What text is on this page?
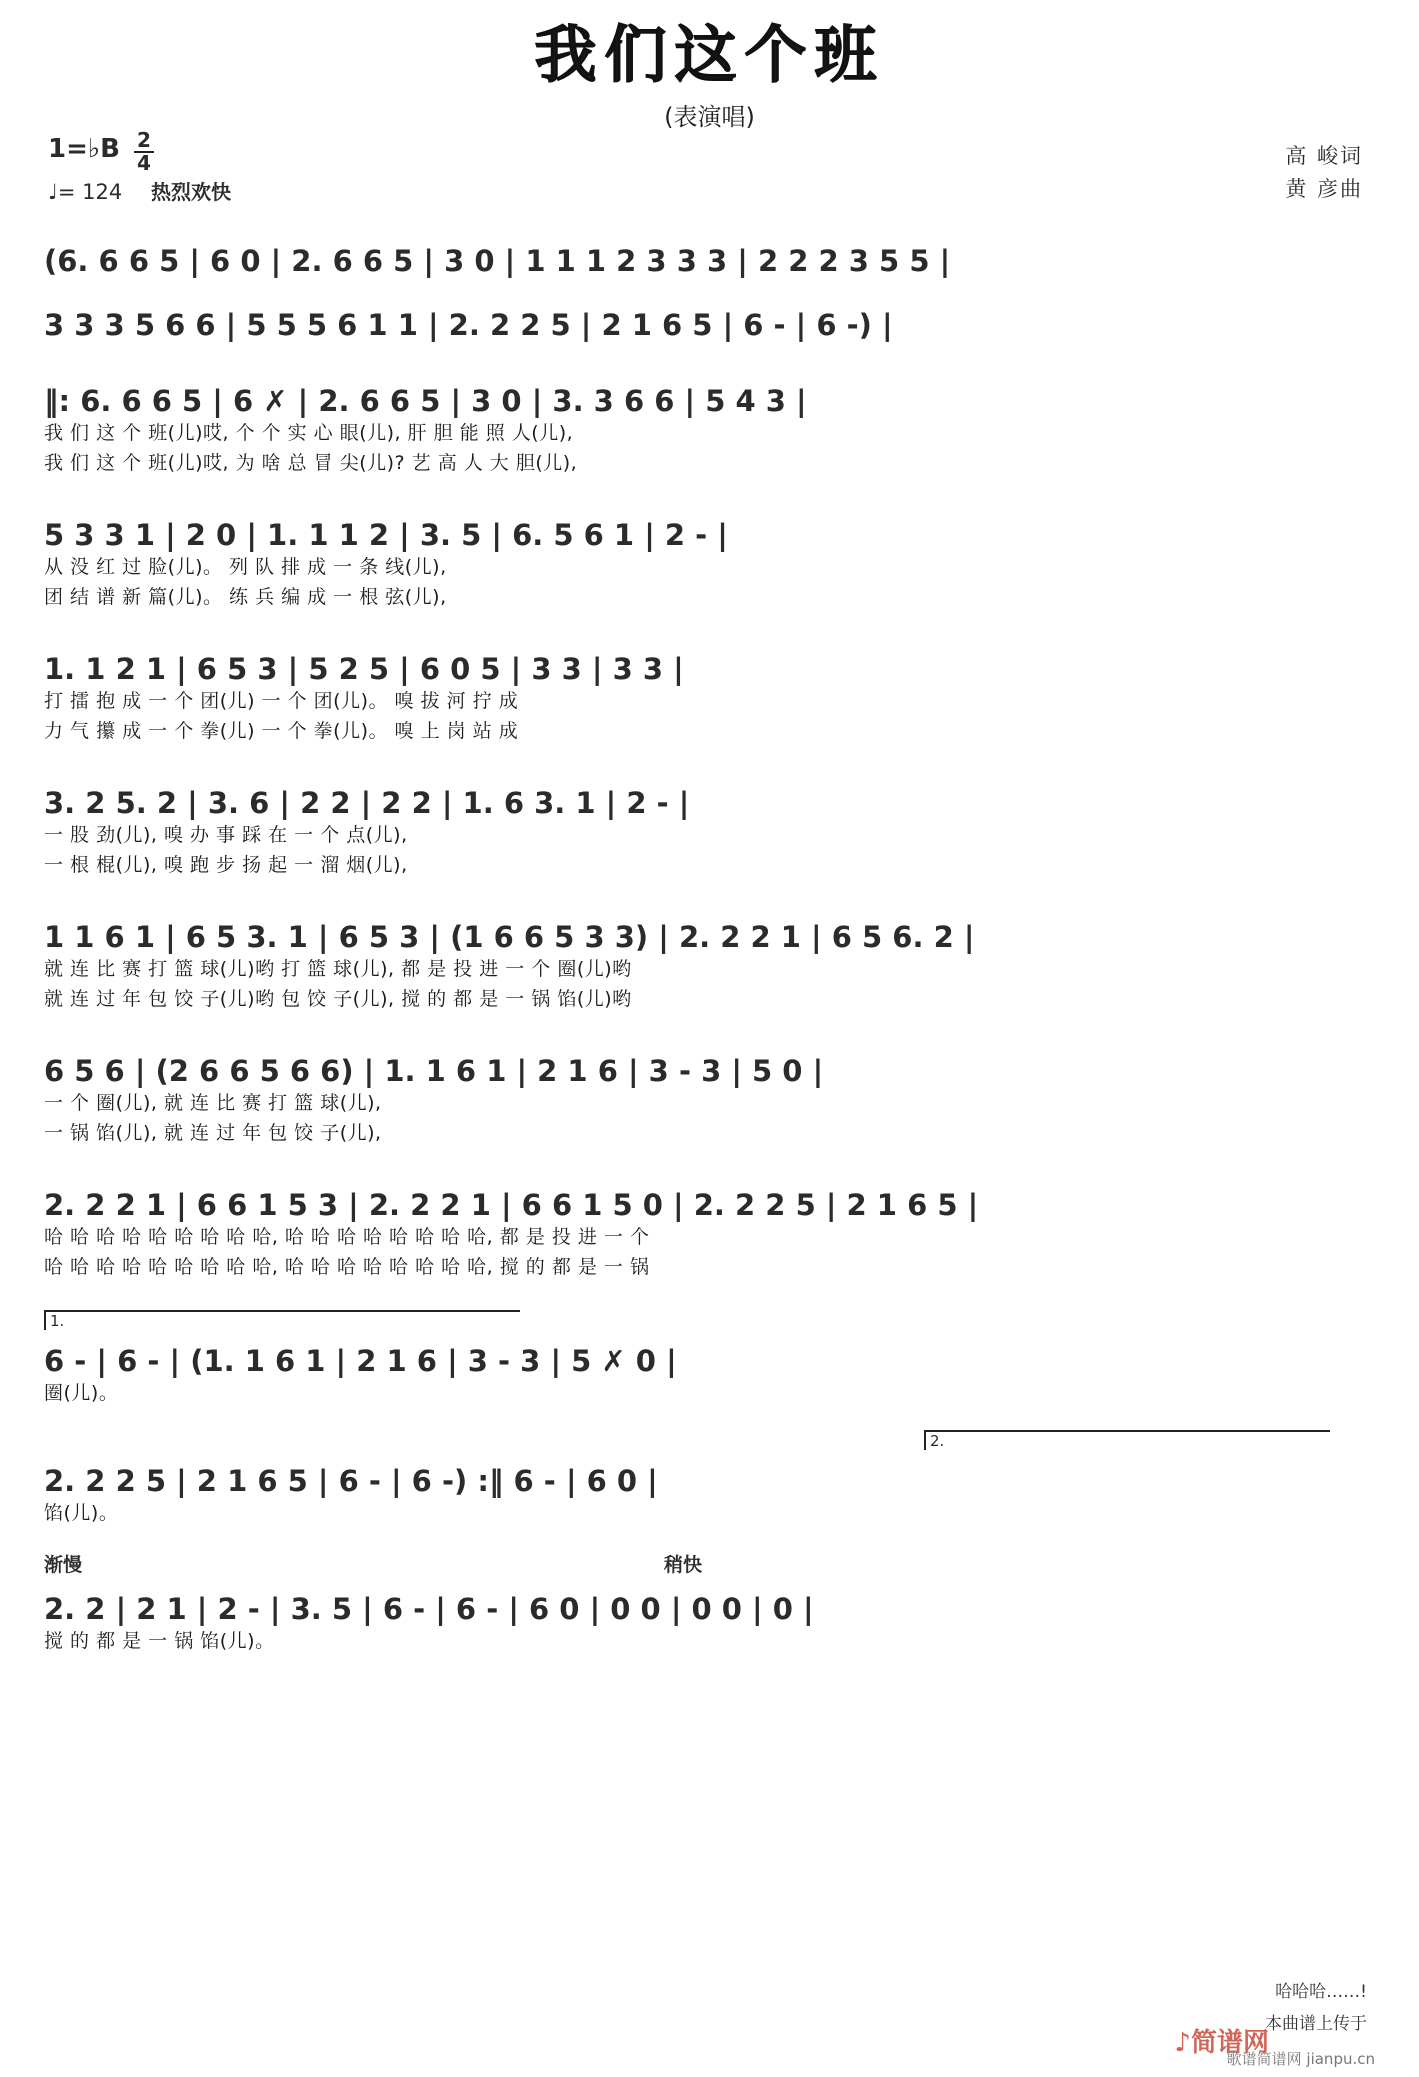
我们这个班
(表演唱)
1=♭B $\frac{2}{4}$
♩= 124 热烈欢快
高 峻词
黄 彦曲
(6. 6 6 5 | 6 0 | 2. 6 6 5 | 3 0 | 1 1 1 2 3 3 3 | 2 2 2 3 5 5 |
3 3 3 5 6 6 | 5 5 5 6 1 1 | 2. 2 2 5 | 2 1 6 5 | 6 - | 6 -) |
‖: 6. 6 6 5 | 6 ✗ | 2. 6 6 5 | 3 0 | 3. 3 6 6 | 5 4 3 |
我 们 这 个 班(儿)哎, 个 个 实 心 眼(儿), 肝 胆 能 照 人(儿),
我 们 这 个 班(儿)哎, 为 啥 总 冒 尖(儿)? 艺 高 人 大 胆(儿),
5 3 3 1 | 2 0 | 1. 1 1 2 | 3. 5 | 6. 5 6 1 | 2 - |
从 没 红 过 脸(儿)。 列 队 排 成 一 条 线(儿),
团 结 谱 新 篇(儿)。 练 兵 编 成 一 根 弦(儿),
1. 1 2 1 | 6 5 3 | 5 2 5 | 6 0 5 | 3 3 | 3 3 |
打 擂 抱 成 一 个 团(儿) 一 个 团(儿)。 嗅 拔 河 拧 成
力 气 攥 成 一 个 拳(儿) 一 个 拳(儿)。 嗅 上 岗 站 成
3. 2 5. 2 | 3. 6 | 2 2 | 2 2 | 1. 6 3. 1 | 2 - |
一 股 劲(儿), 嗅 办 事 踩 在 一 个 点(儿),
一 根 棍(儿), 嗅 跑 步 扬 起 一 溜 烟(儿),
1 1 6 1 | 6 5 3. 1 | 6 5 3 | (1 6 6 5 3 3) | 2. 2 2 1 | 6 5 6. 2 |
就 连 比 赛 打 篮 球(儿)哟 打 篮 球(儿), 都 是 投 进 一 个 圈(儿)哟
就 连 过 年 包 饺 子(儿)哟 包 饺 子(儿), 搅 的 都 是 一 锅 馅(儿)哟
6 5 6 | (2 6 6 5 6 6) | 1. 1 6 1 | 2 1 6 | 3 - 3 | 5 0 |
一 个 圈(儿), 就 连 比 赛 打 篮 球(儿),
一 锅 馅(儿), 就 连 过 年 包 饺 子(儿),
2. 2 2 1 | 6 6 1 5 3 | 2. 2 2 1 | 6 6 1 5 0 | 2. 2 2 5 | 2 1 6 5 |
哈 哈 哈 哈 哈 哈 哈 哈 哈, 哈 哈 哈 哈 哈 哈 哈 哈, 都 是 投 进 一 个
哈 哈 哈 哈 哈 哈 哈 哈 哈, 哈 哈 哈 哈 哈 哈 哈 哈, 搅 的 都 是 一 锅
1.
6 - | 6 - | (1. 1 6 1 | 2 1 6 | 3 - 3 | 5 ✗ 0 |
圈(儿)。
2.
2. 2 2 5 | 2 1 6 5 | 6 - | 6 -) :‖ 6 - | 6 0 |
馅(儿)。
渐慢	稍快
2. 2 | 2 1 | 2 - | 3. 5 | 6 - | 6 - | 6 0 | 0 0 | 0 0 | 0 |
搅 的 都 是 一 锅 馅(儿)。
哈哈哈……!
本曲谱上传于
♪简谱网
歌谱简谱网 jianpu.cn
